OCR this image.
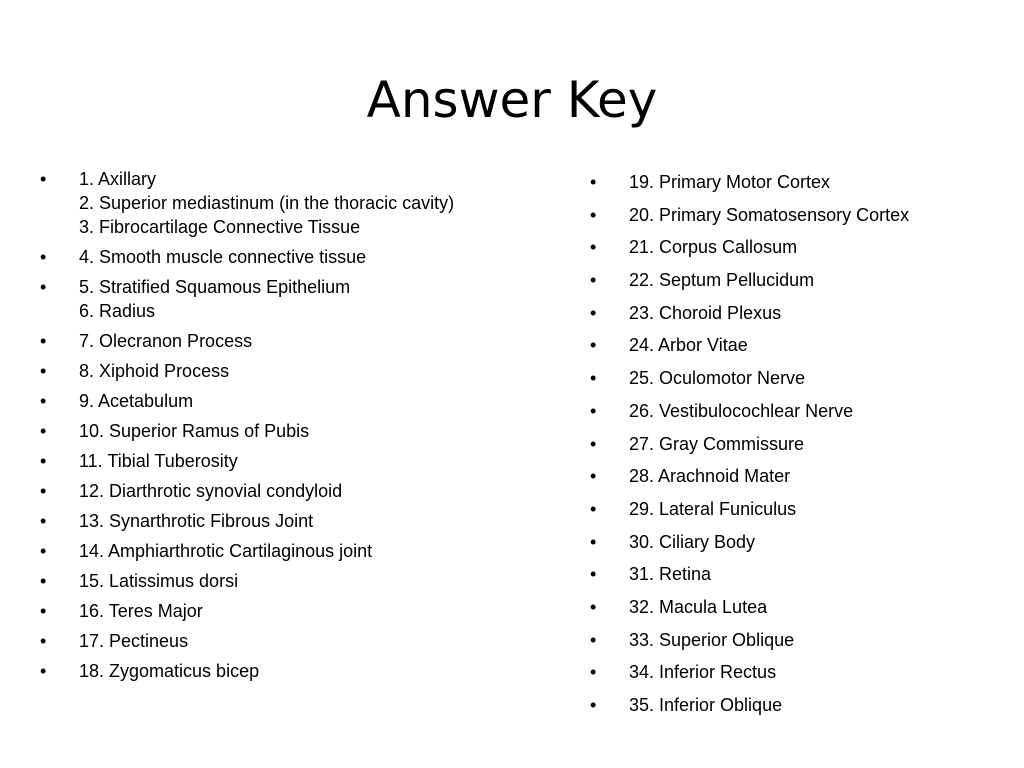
Answer Key
• 1. Axillary
2. Superior mediastinum (in the thoracic cavity)
3. Fibrocartilage Connective Tissue
• 4. Smooth muscle connective tissue
• 5. Stratified Squamous Epithelium
6. Radius
• 7. Olecranon Process
• 8. Xiphoid Process
• 9. Acetabulum
• 10. Superior Ramus of Pubis
• 11. Tibial Tuberosity
• 12. Diarthrotic synovial condyloid
• 13. Synarthrotic Fibrous Joint
• 14. Amphiarthrotic Cartilaginous joint
• 15. Latissimus dorsi
• 16. Teres Major
• 17. Pectineus
• 18. Zygomaticus bicep
• 19. Primary Motor Cortex
• 20. Primary Somatosensory Cortex
• 21. Corpus Callosum
• 22. Septum Pellucidum
• 23. Choroid Plexus
• 24. Arbor Vitae
• 25. Oculomotor Nerve
• 26. Vestibulocochlear Nerve
• 27. Gray Commissure
• 28. Arachnoid Mater
• 29. Lateral Funiculus
• 30. Ciliary Body
• 31. Retina
• 32. Macula Lutea
• 33. Superior Oblique
• 34. Inferior Rectus
• 35. Inferior Oblique
